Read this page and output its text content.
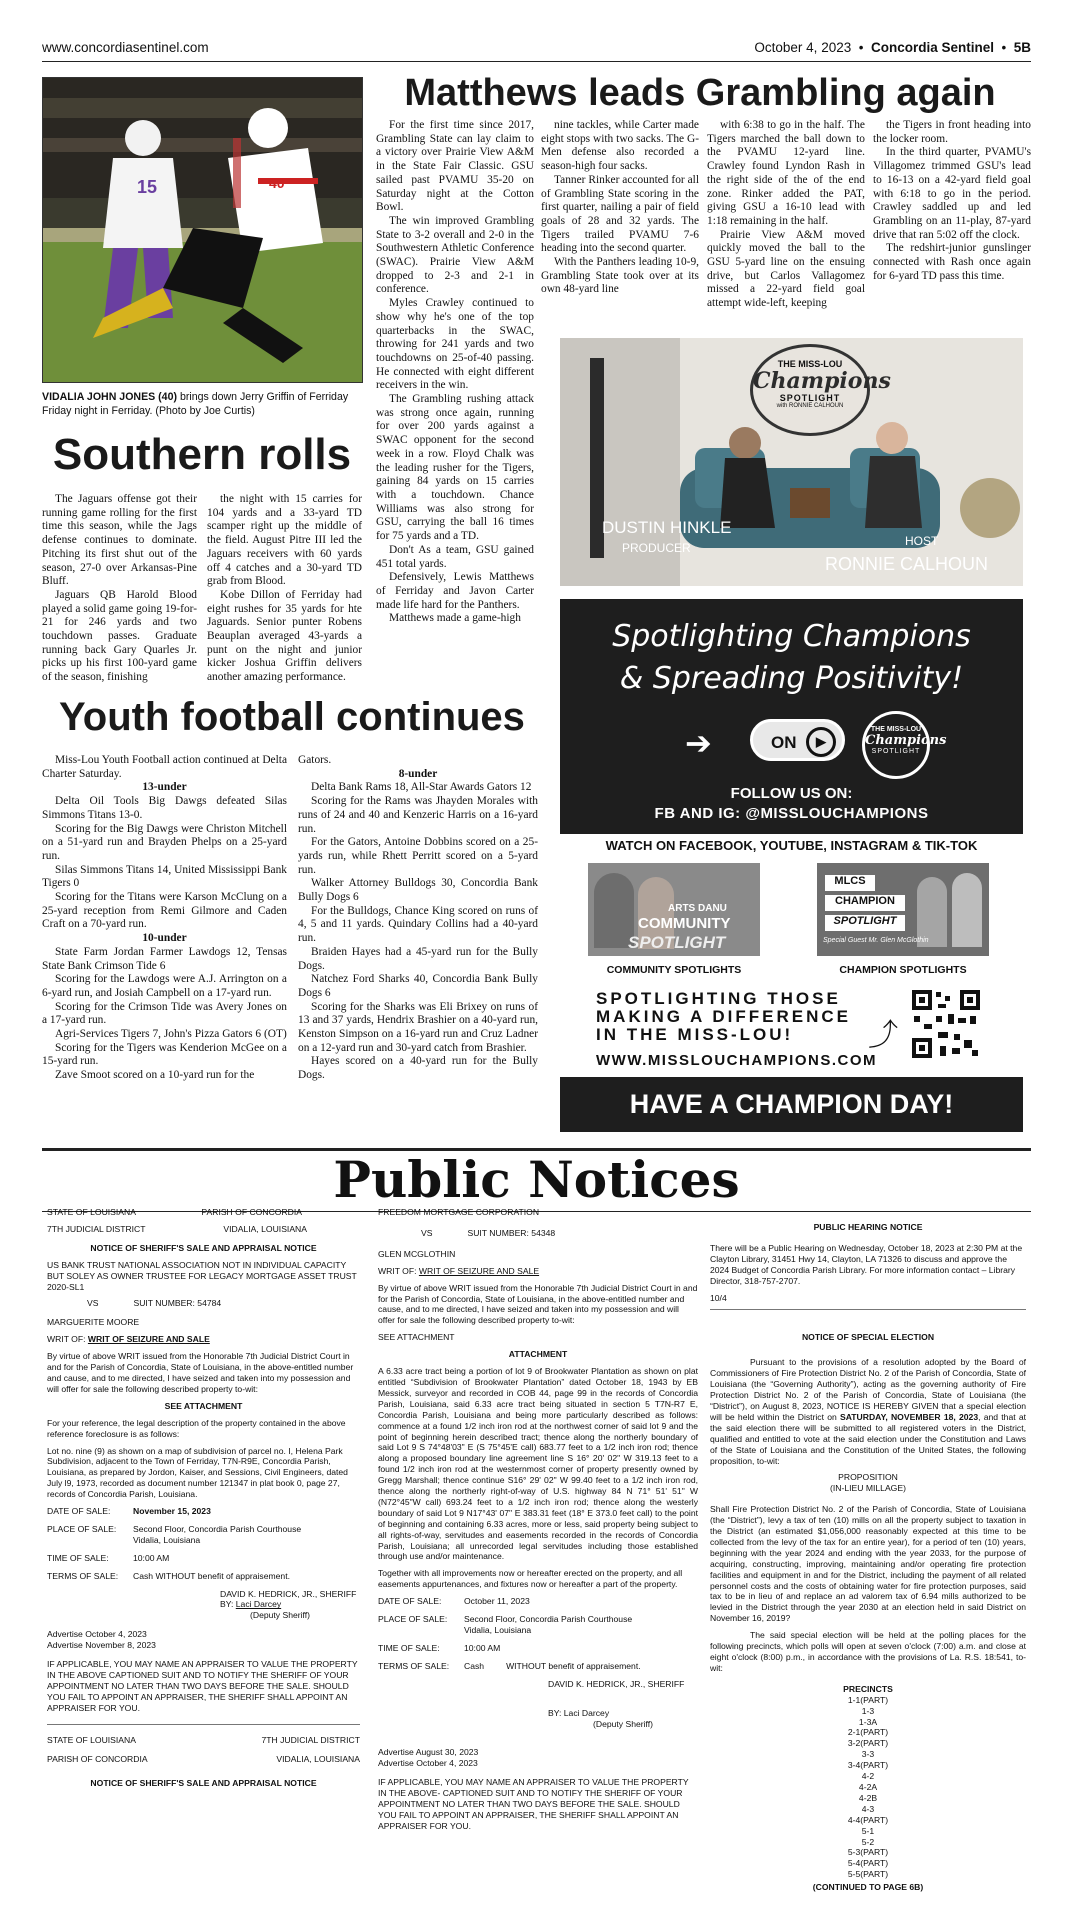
www.concordiasentinel.com	October 4, 2023  •  Concordia Sentinel  •  5B
15	40
VIDALIA JOHN JONES (40) brings down Jerry Griffin of Ferriday Friday night in Ferriday. (Photo by Joe Curtis)
Matthews leads Grambling again

For the first time since 2017, Grambling State can lay claim to a victory over Prairie View A&M in the State Fair Classic. GSU sailed past PVAMU 35-20 on Saturday night at the Cotton Bowl.

The win improved Grambling State to 3-2 overall and 2-0 in the Southwestern Athletic Conference (SWAC). Prairie View A&M dropped to 2-3 and 2-1 in conference.

Myles Crawley continued to show why he's one of the top quarterbacks in the SWAC, throwing for 241 yards and two touchdowns on 25-of-40 passing. He connected with eight different receivers in the win.

The Grambling rushing attack was strong once again, running for over 200 yards against a SWAC opponent for the second week in a row. Floyd Chalk was the leading rusher for the Tigers, gaining 84 yards on 15 carries with a touchdown. Chance Williams was also strong for GSU, carrying the ball 16 times for 75 yards and a TD.

Don't As a team, GSU gained 451 total yards.

Defensively, Lewis Matthews of Ferriday and Javon Carter made life hard for the Panthers.

Matthews made a game-high

nine tackles, while Carter made eight stops with two sacks. The G-Men defense also recorded a season-high four sacks.

Tanner Rinker accounted for all of Grambling State scoring in the first quarter, nailing a pair of field goals of 28 and 32 yards. The Tigers trailed PVAMU 7-6 heading into the second quarter.

With the Panthers leading 10-9, Grambling State took over at its own 48-yard line

with 6:38 to go in the half. The Tigers marched the ball down to the PVAMU 12-yard line. Crawley found Lyndon Rash in the right side of the of the end zone. Rinker added the PAT, giving GSU a 16-10 lead with 1:18 remaining in the half.

Prairie View A&M moved quickly moved the ball to the GSU 5-yard line on the ensuing drive, but Carlos Vallagomez missed a 22-yard field goal attempt wide-left, keeping

the Tigers in front heading into the locker room.

In the third quarter, PVAMU's Villagomez trimmed GSU's lead to 16-13 on a 42-yard field goal with 6:18 to go in the period. Crawley saddled up and led Grambling on an 11-play, 87-yard drive that ran 5:02 off the clock.

The redshirt-junior gunslinger connected with Rash once again for 6-yard TD pass this time.

Southern rolls

The Jaguars offense got their running game rolling for the first time this season, while the Jags defense continues to dominate. Pitching its first shut out of the season, 27-0 over Arkansas-Pine Bluff.

Jaguars QB Harold Blood played a solid game going 19-for-21 for 246 yards and two touchdown passes. Graduate running back Gary Quarles Jr. picks up his first 100-yard game of the season, finishing

the night with 15 carries for 104 yards and a 33-yard TD scamper right up the middle of the field. August Pitre III led the Jaguars receivers with 60 yards off 4 catches and a 30-yard TD grab from Blood.

Kobe Dillon of Ferriday had eight rushes for 35 yards for hte Jaguards. Senior punter Robens Beauplan averaged 43-yards a punt on the night and junior kicker Joshua Griffin delivers another amazing performance.

Youth football continues

Miss-Lou Youth Football action continued at Delta Charter Saturday.

13-under

Delta Oil Tools Big Dawgs defeated Silas Simmons Titans 13-0.

Scoring for the Big Dawgs were Christon Mitchell on a 51-yard run and Brayden Phelps on a 25-yard run.

Silas Simmons Titans 14, United Mississippi Bank Tigers 0

Scoring for the Titans were Karson McClung on a 25-yard reception from Remi Gilmore and Caden Craft on a 70-yard run.

10-under

State Farm Jordan Farmer Lawdogs 12, Tensas State Bank Crimson Tide 6

Scoring for the Lawdogs were A.J. Arrington on a 6-yard run, and Josiah Campbell on a 17-yard run.

Scoring for the Crimson Tide was Avery Jones on a 17-yard run.

Agri-Services Tigers 7, John's Pizza Gators 6 (OT)

Scoring for the Tigers was Kenderion McGee on a 15-yard run.

Zave Smoot scored on a 10-yard run for the

Gators.

8-under

Delta Bank Rams 18, All-Star Awards Gators 12

Scoring for the Rams was Jhayden Morales with runs of 24 and 40 and Kenzeric Harris on a 16-yard run.

For the Gators, Antoine Dobbins scored on a 25-yards run, while Rhett Perritt scored on a 5-yard run.

Walker Attorney Bulldogs 30, Concordia Bank Bully Dogs 6

For the Bulldogs, Chance King scored on runs of 4, 5 and 11 yards. Quindary Collins had a 40-yard run.

Braiden Hayes had a 45-yard run for the Bully Dogs.

Natchez Ford Sharks 40, Concordia Bank Bully Dogs 6

Scoring for the Sharks was Eli Brixey on runs of 13 and 37 yards, Hendrix Brashier on a 40-yard run, Kenston Simpson on a 16-yard run and Cruz Ladner on a 12-yard run and 30-yard catch from Brashier.

Hayes scored on a 40-yard run for the Bully Dogs.

THE MISS-LOU
Champions
SPOTLIGHT
with RONNIE CALHOUN
DUSTIN HINKLE
PRODUCER	HOST
RONNIE CALHOUN
Spotlighting Champions
& Spreading Positivity!
➔	ON	▶
THE MISS-LOU
Champions
SPOTLIGHT
FOLLOW US ON:
FB AND IG: @MISSLOUCHAMPIONS
WATCH ON FACEBOOK, YOUTUBE, INSTAGRAM & TIK-TOK
ARTS DANU
COMMUNITY
SPOTLIGHT
MLCS
CHAMPION
SPOTLIGHT
Special Guest Mr. Glen McGlothin
COMMUNITY SPOTLIGHTS	CHAMPION SPOTLIGHTS
SPOTLIGHTING THOSE
MAKING A DIFFERENCE
IN THE MISS-LOU!
WWW.MISSLOUCHAMPIONS.COM
⤴
HAVE A CHAMPION DAY!
Public Notices
STATE OF LOUISIANA	PARISH OF CONCORDIA
7TH JUDICIAL DISTRICT	VIDALIA, LOUISIANA

NOTICE OF SHERIFF'S SALE AND APPRAISAL NOTICE

US BANK TRUST NATIONAL ASSOCIATION NOT IN INDIVIDUAL CAPACITY BUT SOLEY AS OWNER TRUSTEE FOR LEGACY MORTGAGE ASSET TRUST 2020-SL1

VS	SUIT NUMBER: 54784

MARGUERITE MOORE

WRIT OF: WRIT OF SEIZURE AND SALE

By virtue of above WRIT issued from the Honorable 7th Judicial District Court in and for the Parish of Concordia, State of Louisiana, in the above-entitled number and cause, and to me directed, I have seized and taken into my possession and will offer for sale the following described property to-wit:

SEE ATTACHMENT

For your reference, the legal description of the property contained in the above reference foreclosure is as follows:

Lot no. nine (9) as shown on a map of subdivision of parcel no. I, Helena Park Subdivision, adjacent to the Town of Ferriday, T7N-R9E, Concordia Parish, Louisiana, as prepared by Jordon, Kaiser, and Sessions, Civil Engineers, dated July l9, 1973, recorded as document number 121347 in plat book 0, page 27, records of Concordia Parish, Louisiana.

DATE OF SALE:	November 15, 2023
PLACE OF SALE:	Second Floor, Concordia Parish Courthouse
Vidalia, Louisiana
TIME OF SALE:	10:00 AM
TERMS OF SALE: Cash WITHOUT benefit of appraisement.
DAVID K. HEDRICK, JR., SHERIFF
BY: Laci Darcey
(Deputy Sheriff)
Advertise October 4, 2023
Advertise November 8, 2023

IF APPLICABLE, YOU MAY NAME AN APPRAISER TO VALUE THE PROPERTY IN THE ABOVE CAPTIONED SUIT AND TO NOTIFY THE SHERIFF OF YOUR APPOINTMENT NO LATER THAN TWO DAYS BEFORE THE SALE. SHOULD YOU FAIL TO APPOINT AN APPRAISER, THE SHERIFF SHALL APPOINT AN APPRAISER FOR YOU.

STATE OF LOUISIANA	7TH JUDICIAL DISTRICT
PARISH OF CONCORDIA	VIDALIA, LOUISIANA

NOTICE OF SHERIFF'S SALE AND APPRAISAL NOTICE

FREEDOM MORTGAGE CORPORATION
VS	SUIT NUMBER: 54348

GLEN MCGLOTHIN

WRIT OF: WRIT OF SEIZURE AND SALE

By virtue of above WRIT issued from the Honorable 7th Judicial District Court in and for the Parish of Concordia, State of Louisiana, in the above-entitled number and cause, and to me directed, I have seized and taken into my possession and will offer for sale the following described property to-wit:

SEE ATTACHMENT

ATTACHMENT

A 6.33 acre tract being a portion of lot 9 of Brookwater Plantation as shown on plat entitled “Subdivision of Brookwater Plantation” dated October 18, 1943 by EB Messick, surveyor and recorded in COB 44, page 99 in the records of Concordia Parish, Louisiana, said 6.33 acre tract being situated in section 5 T7N-R7 E, Concordia Parish, Louisiana and being more particularly described as follows: commence at a found 1/2 inch iron rod at the northwest corner of said lot 9 and the point of beginning herein described tract; thence along the northerly boundary of said Lot 9 S 74°48'03" E (S 75°45'E call) 683.77 feet to a 1/2 inch iron rod; thence along a proposed boundary line agreement line S 16° 20' 02" W 319.13 feet to a found 1/2 inch iron rod at the westernmost corner of property presently owned by Gregg Marshall; thence continue S16° 29' 02" W 99.40 feet to a 1/2 inch iron rod, thence along the northerly right-of-way of U.S. highway 84 N 71° 51' 51" W (N72°45"W call) 693.24 feet to a 1/2 inch iron rod; thence along the westerly boundary of said Lot 9 N17°43' 07" E 383.31 feet (18° E 373.0 feet call) to the point of beginning and containing 6.33 acres, more or less, said property being subject to all rights-of-way, servitudes and easements recorded in the records of Concordia Parish, Louisiana; all unrecorded legal servitudes including those established through use and/or maintenance.

Together with all improvements now or hereafter erected on the property, and all easements appurtenances, and fixtures now or hereafter a part of the property.

DATE OF SALE:	October 11, 2023
PLACE OF SALE:	Second Floor, Concordia Parish Courthouse
Vidalia, Louisiana
TIME OF SALE:	10:00 AM
TERMS OF SALE: Cash	WITHOUT benefit of appraisement.
DAVID K. HEDRICK, JR., SHERIFF
BY: Laci Darcey
(Deputy Sheriff)
Advertise August 30, 2023
Advertise October 4, 2023

IF APPLICABLE, YOU MAY NAME AN APPRAISER TO VALUE THE PROPERTY IN THE ABOVE- CAPTIONED SUIT AND TO NOTIFY THE SHERIFF OF YOUR APPOINTMENT NO LATER THAN TWO DAYS BEFORE THE SALE. SHOULD YOU FAIL TO APPOINT AN APPRAISER, THE SHERIFF SHALL APPOINT AN APPRAISER FOR YOU.

PUBLIC HEARING NOTICE

There will be a Public Hearing on Wednesday, October 18, 2023 at 2:30 PM at the Clayton Library, 31451 Hwy 14, Clayton, LA 71326 to discuss and approve the 2024 Budget of Concordia Parish Library. For more information contact – Library Director, 318-757-2707.

10/4

NOTICE OF SPECIAL ELECTION

Pursuant to the provisions of a resolution adopted by the Board of Commissioners of Fire Protection District No. 2 of the Parish of Concordia, State of Louisiana (the “Governing Authority”), acting as the governing authority of Fire Protection District No. 2 of the Parish of Concordia, State of Louisiana (the “District”), on August 8, 2023, NOTICE IS HEREBY GIVEN that a special election will be held within the District on SATURDAY, NOVEMBER 18, 2023, and that at the said election there will be submitted to all registered voters in the District, qualified and entitled to vote at the said election under the Constitution and Laws of the State of Louisiana and the Constitution of the United States, the following proposition, to-wit:

PROPOSITION
(IN-LIEU MILLAGE)

Shall Fire Protection District No. 2 of the Parish of Concordia, State of Louisiana (the “District”), levy a tax of ten (10) mills on all the property subject to taxation in the District (an estimated $1,056,000 reasonably expected at this time to be collected from the levy of the tax for an entire year), for a period of ten (10) years, beginning with the year 2024 and ending with the year 2033, for the purpose of acquiring, constructing, improving, maintaining and/or operating fire protection facilities and equipment in and for the District, including the payment of all related personnel costs and the costs of obtaining water for fire protection purposes, said tax to be in lieu of and replace an ad valorem tax of 6.94 mills authorized to be levied in the District through the year 2030 at an election held in said District on November 16, 2019?

The said special election will be held at the polling places for the following precincts, which polls will open at seven o'clock (7:00) a.m. and close at eight o'clock (8:00) p.m., in accordance with the provisions of La. R.S. 18:541, to-wit:

PRECINCTS
1-1(PART)
1-3
1-3A
2-1(PART)
3-2(PART)
3-3
3-4(PART)
4-2
4-2A
4-2B
4-3
4-4(PART)
5-1
5-2
5-3(PART)
5-4(PART)
5-5(PART)
(CONTINUED TO PAGE 6B)
